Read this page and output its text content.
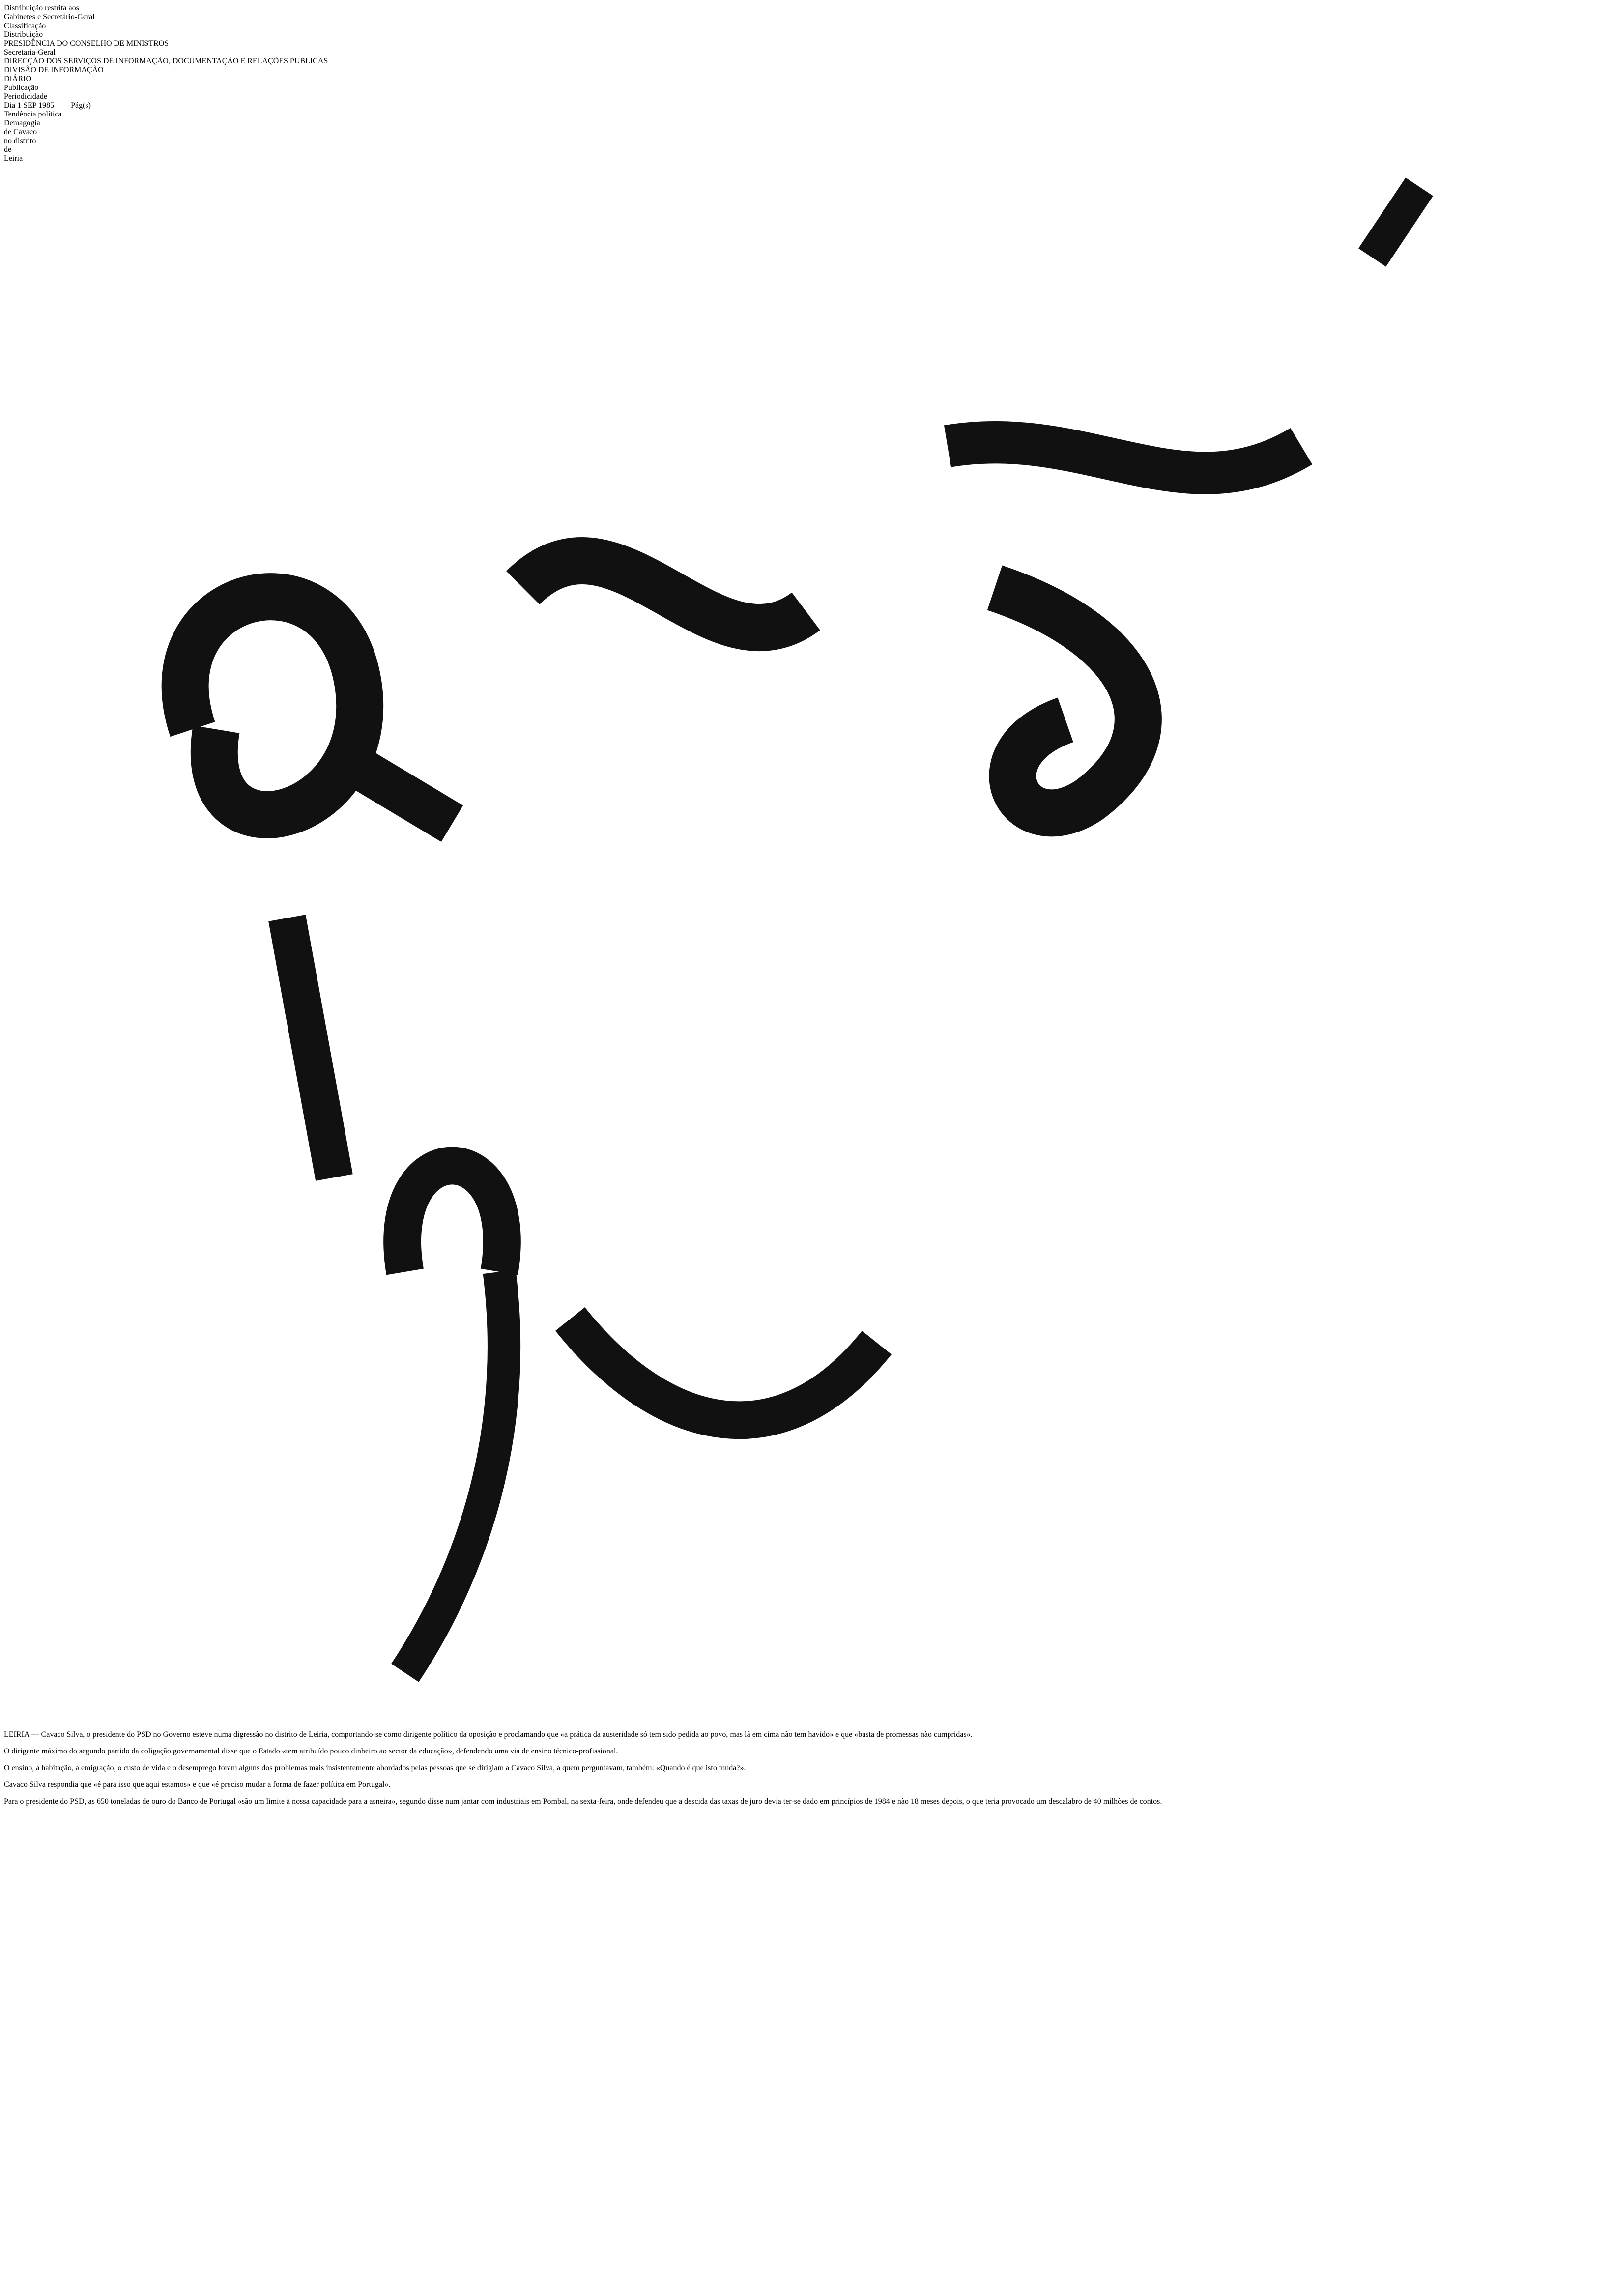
Distribuição restrita aos
Gabinetes e Secretário-Geral
Classificação
Distribuição
PRESIDÊNCIA DO CONSELHO DE MINISTROS
Secretaria-Geral
DIRECÇÃO DOS SERVIÇOS DE INFORMAÇÃO, DOCUMENTAÇÃO E RELAÇÕES PÚBLICAS
DIVISÃO DE INFORMAÇÃO
DIÁRIO
Publicação
Periodicidade
Dia 1 SEP 1985 Pág(s)
Tendência política
Demagogia
de Cavaco
no distrito
de
Leiria

LEIRIA — Cavaco Silva, o presidente do PSD no Governo esteve numa digressão no distrito de Leiria, comportando-se como dirigente político da oposição e proclamando que «a prática da austeridade só tem sido pedida ao povo, mas lá em cima não tem havido» e que «basta de promessas não cumpridas».

O dirigente máximo do segundo partido da coligação governamental disse que o Estado «tem atribuído pouco dinheiro ao sector da educação», defendendo uma via de ensino técnico-profissional.

O ensino, a habitação, a emigração, o custo de vida e o desemprego foram alguns dos problemas mais insistentemente abordados pelas pessoas que se dirigiam a Cavaco Silva, a quem perguntavam, também: «Quando é que isto muda?».

Cavaco Silva respondia que «é para isso que aqui estamos» e que «é preciso mudar a forma de fazer política em Portugal».

Para o presidente do PSD, as 650 toneladas de ouro do Banco de Portugal «são um limite à nossa capacidade para a asneira», segundo disse num jantar com industriais em Pombal, na sexta-feira, onde defendeu que a descida das taxas de juro devia ter-se dado em princípios de 1984 e não 18 meses depois, o que teria provocado um descalabro de 40 milhões de contos.
